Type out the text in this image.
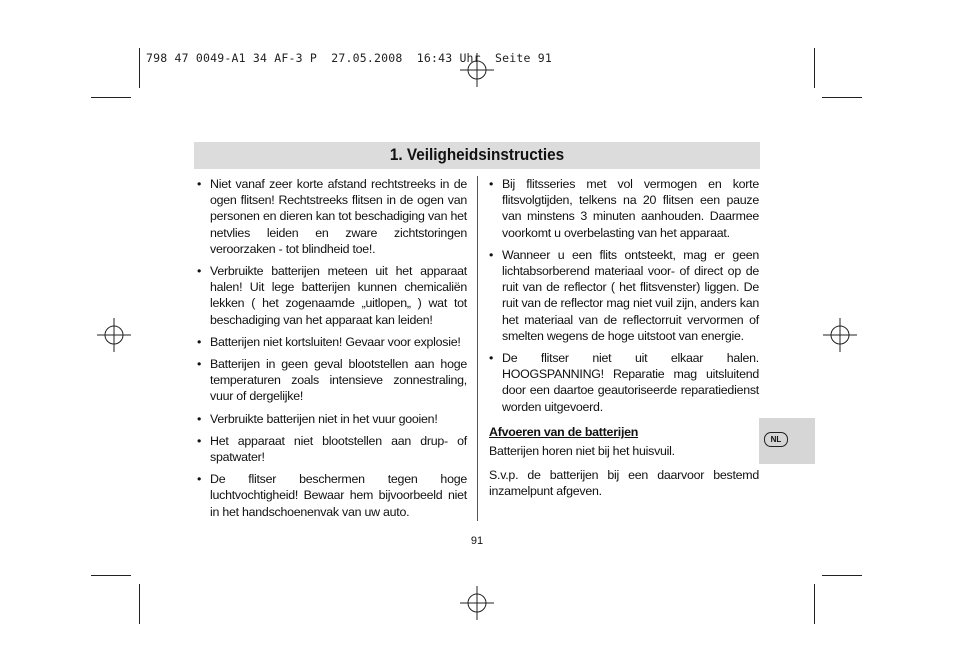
798 47 0049-A1 34 AF-3 P  27.05.2008  16:43 Uhr  Seite 91
1. Veiligheidsinstructies
• Niet vanaf zeer korte afstand rechtstreeks in de ogen flitsen! Rechtstreeks flitsen in de ogen van personen en dieren kan tot beschadiging van het netvlies leiden en zware zichtstoringen veroorzaken - tot blindheid toe!.
• Verbruikte batterijen meteen uit het apparaat halen! Uit lege batterijen kunnen chemicaliën lekken ( het zogenaamde „uitlopen„ ) wat tot beschadiging van het apparaat kan leiden!
• Batterijen niet kortsluiten! Gevaar voor explosie!
• Batterijen in geen geval blootstellen aan hoge temperaturen zoals intensieve zonnestraling, vuur of dergelijke!
• Verbruikte batterijen niet in het vuur gooien!
• Het apparaat niet blootstellen aan drup- of spatwater!
• De flitser beschermen tegen hoge luchtvochtigheid! Bewaar hem bijvoorbeeld niet in het handschoenenvak van uw auto.
• Bij flitsseries met vol vermogen en korte flitsvolgtijden, telkens na 20 flitsen een pauze van minstens 3 minuten aanhouden. Daarmee voorkomt u overbelasting van het apparaat.
• Wanneer u een flits ontsteekt, mag er geen lichtabsorberend materiaal voor- of direct op de ruit van de reflector ( het flitsvenster) liggen. De ruit van de reflector mag niet vuil zijn, anders kan het materiaal van de reflectorruit vervormen of smelten wegens de hoge uitstoot van energie.
• De flitser niet uit elkaar halen. HOOGSPANNING! Reparatie mag uitsluitend door een daartoe geautoriseerde reparatiedienst worden uitgevoerd.
Afvoeren van de batterijen
Batterijen horen niet bij het huisvuil.
S.v.p. de batterijen bij een daarvoor bestemd inzamelpunt afgeven.
NL
91
